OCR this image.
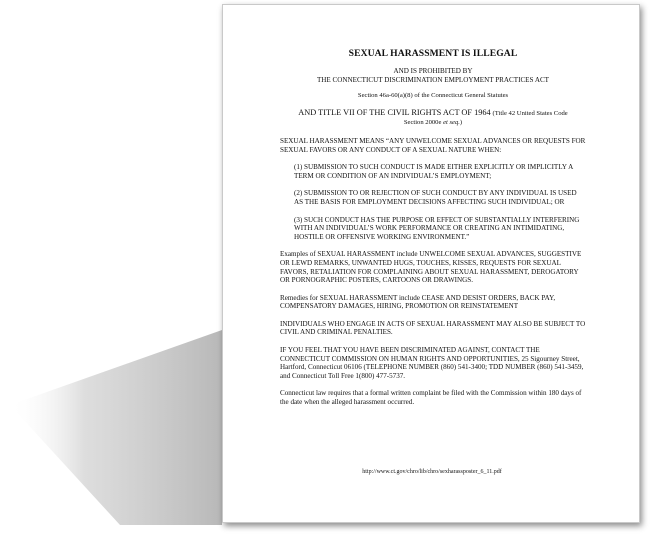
SEXUAL HARASSMENT IS ILLEGAL

AND IS PROHIBITED BY

THE CONNECTICUT DISCRIMINATION EMPLOYMENT PRACTICES ACT

Section 46a-60(a)(8) of the Connecticut General Statutes

AND TITLE VII OF THE CIVIL RIGHTS ACT OF 1964 (Title 42 United States Code
Section 2000e et seq.)

SEXUAL HARASSMENT MEANS “ANY UNWELCOME SEXUAL ADVANCES OR REQUESTS FOR SEXUAL FAVORS OR ANY CONDUCT OF A SEXUAL NATURE WHEN:

(1) SUBMISSION TO SUCH CONDUCT IS MADE EITHER EXPLICITLY OR IMPLICITLY A TERM OR CONDITION OF AN INDIVIDUAL’S EMPLOYMENT;

(2) SUBMISSION TO OR REJECTION OF SUCH CONDUCT BY ANY INDIVIDUAL IS USED AS THE BASIS FOR EMPLOYMENT DECISIONS AFFECTING SUCH INDIVIDUAL; OR

(3) SUCH CONDUCT HAS THE PURPOSE OR EFFECT OF SUBSTANTIALLY INTERFERING WITH AN INDIVIDUAL’S WORK PERFORMANCE OR CREATING AN INTIMIDATING, HOSTILE OR OFFENSIVE WORKING ENVIRONMENT.”

Examples of SEXUAL HARASSMENT include UNWELCOME SEXUAL ADVANCES, SUGGESTIVE OR LEWD REMARKS, UNWANTED HUGS, TOUCHES, KISSES, REQUESTS FOR SEXUAL FAVORS, RETALIATION FOR COMPLAINING ABOUT SEXUAL HARASSMENT, DEROGATORY OR PORNOGRAPHIC POSTERS, CARTOONS OR DRAWINGS.

Remedies for SEXUAL HARASSMENT include CEASE AND DESIST ORDERS, BACK PAY, COMPENSATORY DAMAGES, HIRING, PROMOTION OR REINSTATEMENT

INDIVIDUALS WHO ENGAGE IN ACTS OF SEXUAL HARASSMENT MAY ALSO BE SUBJECT TO CIVIL AND CRIMINAL PENALTIES.

IF YOU FEEL THAT YOU HAVE BEEN DISCRIMINATED AGAINST, CONTACT THE CONNECTICUT COMMISSION ON HUMAN RIGHTS AND OPPORTUNITIES, 25 Sigourney Street, Hartford, Connecticut 06106 (TELEPHONE NUMBER (860) 541-3400; TDD NUMBER (860) 541-3459, and Connecticut Toll Free 1(800) 477-5737.

Connecticut law requires that a formal written complaint be filed with the Commission within 180 days of the date when the alleged harassment occurred.

http://www.ct.gov/chro/lib/chro/sexharassposter_6_11.pdf
